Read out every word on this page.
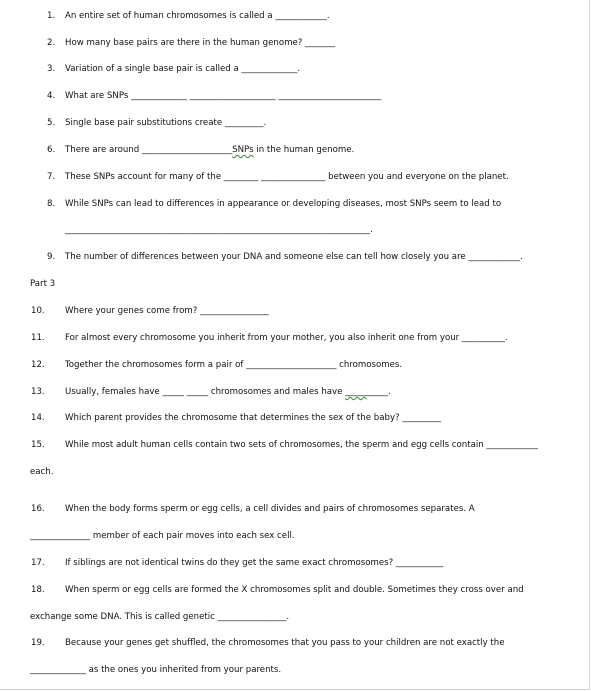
1. An entire set of human chromosomes is called a ____________.
2. How many base pairs are there in the human genome? _______
3. Variation of a single base pair is called a _____________.
4. What are SNPs _____________ ____________________ ________________________
5. Single base pair substitutions create _________.
6. There are around _____________________SNPs in the human genome.
7. These SNPs account for many of the ________ _______________ between you and everyone on the planet.
8. While SNPs can lead to differences in appearance or developing diseases, most SNPs seem to lead to
_______________________________________________________________________.
9. The number of differences between your DNA and someone else can tell how closely you are ____________.
Part 3
10. Where your genes come from? ________________
11. For almost every chromosome you inherit from your mother, you also inherit one from your __________.
12. Together the chromosomes form a pair of _____________________ chromosomes.
13. Usually, females have _____ _____ chromosomes and males have __________.
14. Which parent provides the chromosome that determines the sex of the baby? _________
15. While most adult human cells contain two sets of chromosomes, the sperm and egg cells contain ____________
each.
16. When the body forms sperm or egg cells, a cell divides and pairs of chromosomes separates. A
______________ member of each pair moves into each sex cell.
17. If siblings are not identical twins do they get the same exact chromosomes? ___________
18. When sperm or egg cells are formed the X chromosomes split and double. Sometimes they cross over and
exchange some DNA. This is called genetic ________________.
19. Because your genes get shuffled, the chromosomes that you pass to your children are not exactly the
_____________ as the ones you inherited from your parents.
